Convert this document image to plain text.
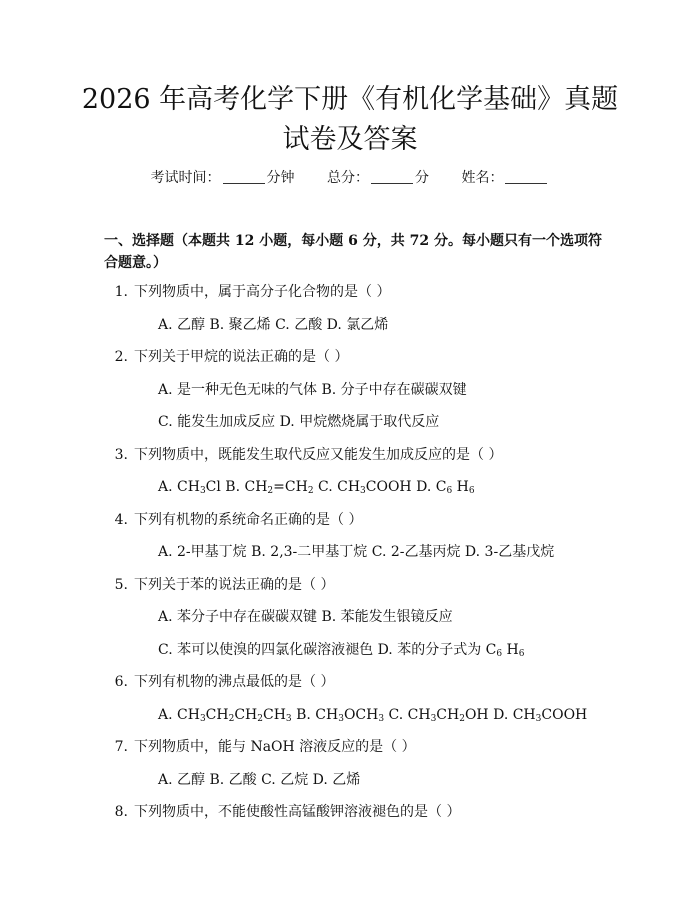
2026 年高考化学下册《有机化学基础》真题
试卷及答案
考试时间：	分钟 总分：	分 姓名：
一、选择题（本题共 12 小题，每小题 6 分，共 72 分。每小题只有一个选项符合题意。）
1. 下列物质中，属于高分子化合物的是（ ）
A. 乙醇 B. 聚乙烯 C. 乙酸 D. 氯乙烯
2. 下列关于甲烷的说法正确的是（ ）
A. 是一种无色无味的气体 B. 分子中存在碳碳双键
C. 能发生加成反应 D. 甲烷燃烧属于取代反应
3. 下列物质中，既能发生取代反应又能发生加成反应的是（ ）
A. $CH_3Cl$ B. $CH_2=CH_2$ C. $CH_3COOH$ D. $C_6$ $H_6$
4. 下列有机物的系统命名正确的是（ ）
A. 2-甲基丁烷 B. 2,3-二甲基丁烷 C. 2-乙基丙烷 D. 3-乙基戊烷
5. 下列关于苯的说法正确的是（ ）
A. 苯分子中存在碳碳双键 B. 苯能发生银镜反应
C. 苯可以使溴的四氯化碳溶液褪色 D. 苯的分子式为 $C_6$ $H_6$
6. 下列有机物的沸点最低的是（ ）
A. $CH_3CH_2CH_2CH_3$ B. $CH_3OCH_3$ C. $CH_3CH_2OH$ D. $CH_3COOH$
7. 下列物质中，能与 NaOH 溶液反应的是（ ）
A. 乙醇 B. 乙酸 C. 乙烷 D. 乙烯
8. 下列物质中，不能使酸性高锰酸钾溶液褪色的是（ ）
